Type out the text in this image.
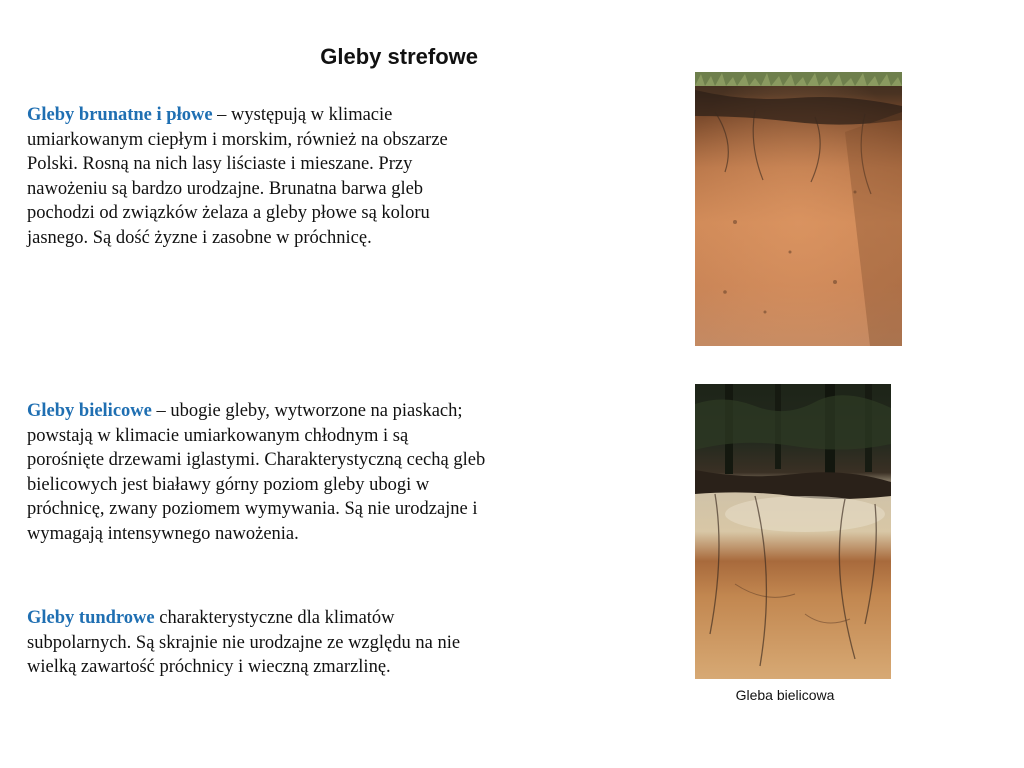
Gleby strefowe
Gleby brunatne i płowe – występują w klimacie umiarkowanym ciepłym i morskim, również na obszarze Polski. Rosną na nich lasy liściaste i mieszane. Przy nawożeniu są bardzo urodzajne. Brunatna barwa gleb pochodzi od związków żelaza a gleby płowe są koloru jasnego. Są dość żyzne i zasobne w próchnicę.
Gleby bielicowe – ubogie gleby, wytworzone na piaskach; powstają w klimacie umiarkowanym chłodnym i są porośnięte drzewami iglastymi. Charakterystyczną cechą gleb bielicowych jest białawy górny poziom gleby ubogi w próchnicę, zwany poziomem wymywania. Są nie urodzajne i wymagają intensywnego nawożenia.
Gleby tundrowe charakterystyczne dla klimatów subpolarnych. Są skrajnie nie urodzajne ze względu na nie wielką zawartość próchnicy i wieczną zmarzlinę.
Gleba bielicowa
